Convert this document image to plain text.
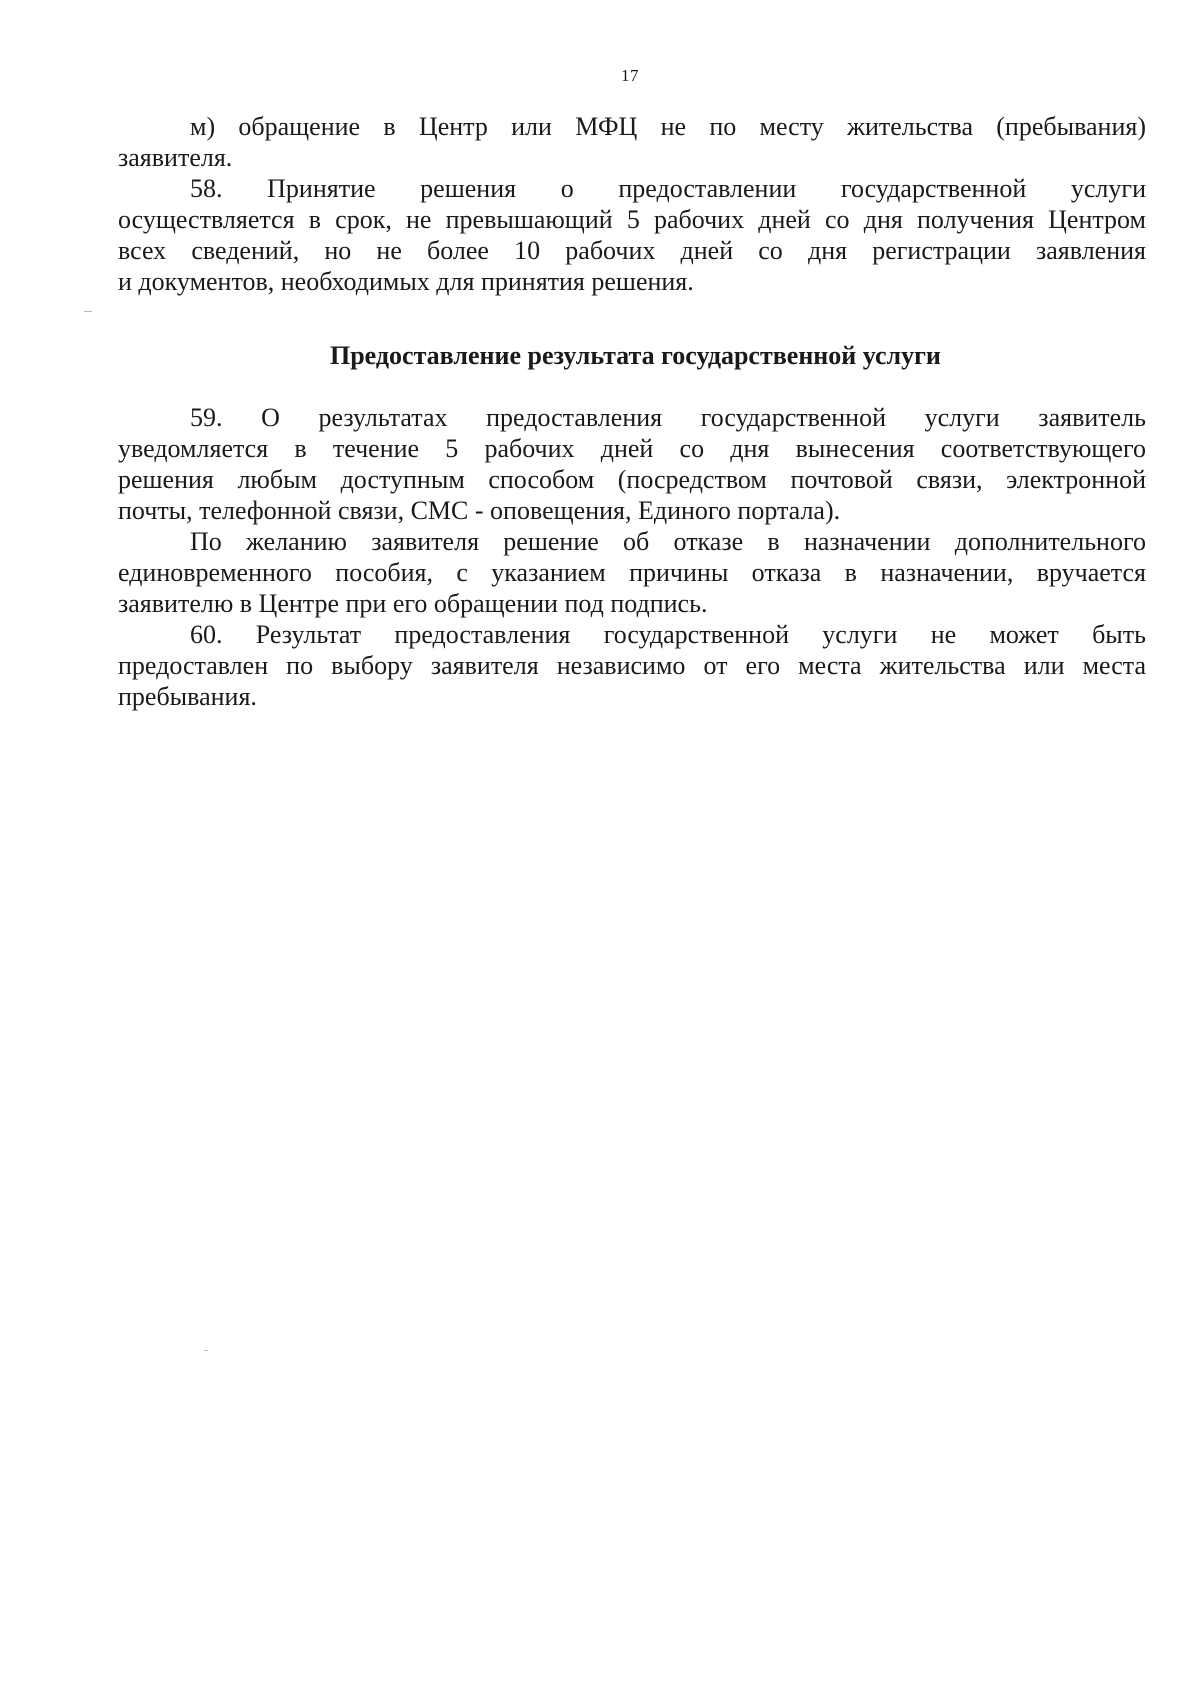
17
м) обращение в Центр или МФЦ не по месту жительства (пребывания)
заявителя.
58. Принятие решения о предоставлении государственной услуги
осуществляется в срок, не превышающий 5 рабочих дней со дня получения Центром
всех сведений, но не более 10 рабочих дней со дня регистрации заявления
и документов, необходимых для принятия решения.
Предоставление результата государственной услуги
59. О результатах предоставления государственной услуги заявитель
уведомляется в течение 5 рабочих дней со дня вынесения соответствующего
решения любым доступным способом (посредством почтовой связи, электронной
почты, телефонной связи, СМС - оповещения, Единого портала).
По желанию заявителя решение об отказе в назначении дополнительного
единовременного пособия, с указанием причины отказа в назначении, вручается
заявителю в Центре при его обращении под подпись.
60. Результат предоставления государственной услуги не может быть
предоставлен по выбору заявителя независимо от его места жительства или места
пребывания.
